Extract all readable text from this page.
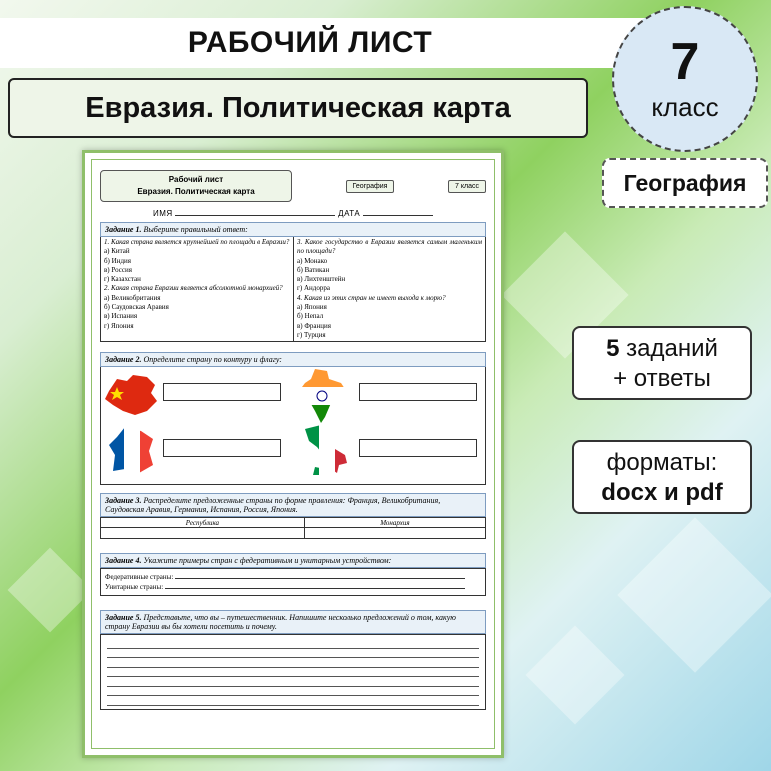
РАБОЧИЙ ЛИСТ
Евразия. Политическая карта
7
класс
География
5 заданий
+ ответы
форматы:
docx и pdf
Рабочий лист
Евразия. Политическая карта
География	7 класс
ИМЯ	ДАТА
Задание 1. Выберите правильный ответ:
1. Какая страна является крупнейшей по площади в Евразии?
а) Китай
б) Индия
в) Россия
г) Казахстан
2. Какая страна Евразии является абсолютной монархией?
а) Великобритания
б) Саудовская Аравия
в) Испания
г) Япония
3. Какое государство в Евразии является самым маленьким по площади?
а) Монако
б) Ватикан
в) Лихтенштейн
г) Андорра
4. Какая из этих стран не имеет выхода к морю?
а) Япония
б) Непал
в) Франция
г) Турция
Задание 2. Определите страну по контуру и флагу:
Задание 3. Распределите предложенные страны по форме правления: Франция, Великобритания, Саудовская Аравия, Германия, Испания, Россия, Япония.
Республика	Монархия

Задание 4. Укажите примеры стран с федеративным и унитарным устройством:
Федеративные страны:
Унитарные страны:
Задание 5. Представьте, что вы – путешественник. Напишите несколько предложений о том, какую страну Евразии вы бы хотели посетить и почему.
